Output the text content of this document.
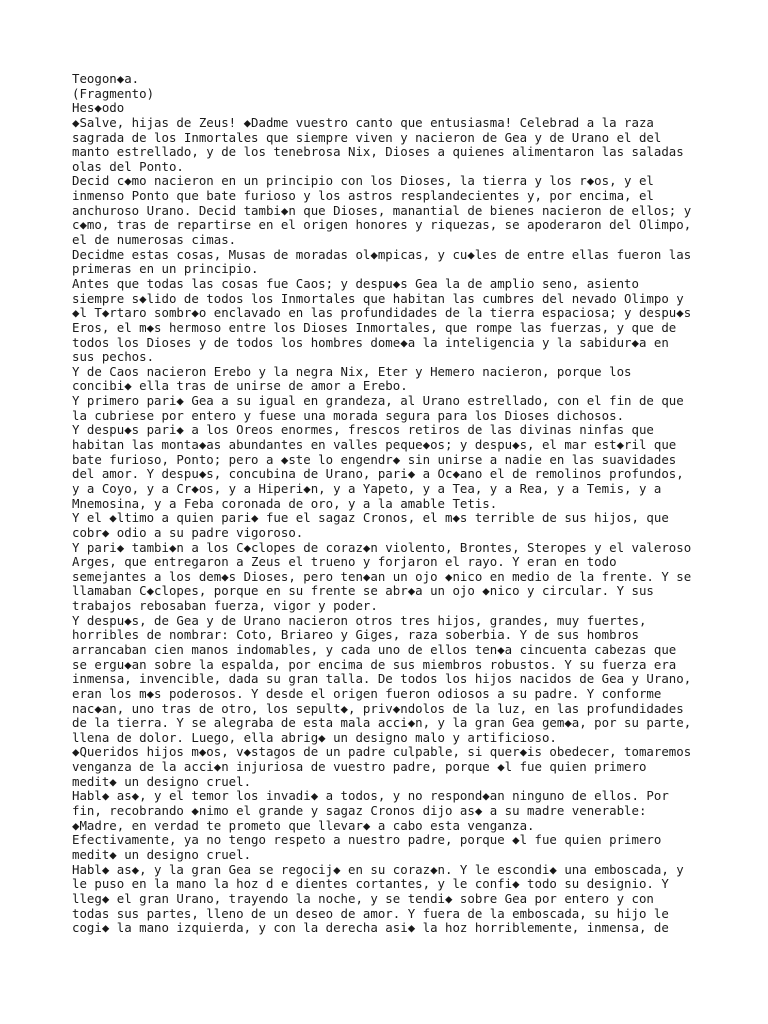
Teogon◆a.
(Fragmento)
Hes◆odo
◆Salve, hijas de Zeus! ◆Dadme vuestro canto que entusiasma! Celebrad a la raza
sagrada de los Inmortales que siempre viven y nacieron de Gea y de Urano el del
manto estrellado, y de los tenebrosa Nix, Dioses a quienes alimentaron las saladas
olas del Ponto.
Decid c◆mo nacieron en un principio con los Dioses, la tierra y los r◆os, y el
inmenso Ponto que bate furioso y los astros resplandecientes y, por encima, el
anchuroso Urano. Decid tambi◆n que Dioses, manantial de bienes nacieron de ellos; y
c◆mo, tras de repartirse en el origen honores y riquezas, se apoderaron del Olimpo,
el de numerosas cimas.
Decidme estas cosas, Musas de moradas ol◆mpicas, y cu◆les de entre ellas fueron las
primeras en un principio.
Antes que todas las cosas fue Caos; y despu◆s Gea la de amplio seno, asiento
siempre s◆lido de todos los Inmortales que habitan las cumbres del nevado Olimpo y
◆l T◆rtaro sombr◆o enclavado en las profundidades de la tierra espaciosa; y despu◆s
Eros, el m◆s hermoso entre los Dioses Inmortales, que rompe las fuerzas, y que de
todos los Dioses y de todos los hombres dome◆a la inteligencia y la sabidur◆a en
sus pechos.
Y de Caos nacieron Erebo y la negra Nix, Eter y Hemero nacieron, porque los
concibi◆ ella tras de unirse de amor a Erebo.
Y primero pari◆ Gea a su igual en grandeza, al Urano estrellado, con el fin de que
la cubriese por entero y fuese una morada segura para los Dioses dichosos.
Y despu◆s pari◆ a los Oreos enormes, frescos retiros de las divinas ninfas que
habitan las monta◆as abundantes en valles peque◆os; y despu◆s, el mar est◆ril que
bate furioso, Ponto; pero a ◆ste lo engendr◆ sin unirse a nadie en las suavidades
del amor. Y despu◆s, concubina de Urano, pari◆ a Oc◆ano el de remolinos profundos,
y a Coyo, y a Cr◆os, y a Hiperi◆n, y a Yapeto, y a Tea, y a Rea, y a Temis, y a
Mnemosina, y a Feba coronada de oro, y a la amable Tetis.
Y el ◆ltimo a quien pari◆ fue el sagaz Cronos, el m◆s terrible de sus hijos, que
cobr◆ odio a su padre vigoroso.
Y pari◆ tambi◆n a los C◆clopes de coraz◆n violento, Brontes, Steropes y el valeroso
Arges, que entregaron a Zeus el trueno y forjaron el rayo. Y eran en todo
semejantes a los dem◆s Dioses, pero ten◆an un ojo ◆nico en medio de la frente. Y se
llamaban C◆clopes, porque en su frente se abr◆a un ojo ◆nico y circular. Y sus
trabajos rebosaban fuerza, vigor y poder.
Y despu◆s, de Gea y de Urano nacieron otros tres hijos, grandes, muy fuertes,
horribles de nombrar: Coto, Briareo y Giges, raza soberbia. Y de sus hombros
arrancaban cien manos indomables, y cada uno de ellos ten◆a cincuenta cabezas que
se ergu◆an sobre la espalda, por encima de sus miembros robustos. Y su fuerza era
inmensa, invencible, dada su gran talla. De todos los hijos nacidos de Gea y Urano,
eran los m◆s poderosos. Y desde el origen fueron odiosos a su padre. Y conforme
nac◆an, uno tras de otro, los sepult◆, priv◆ndolos de la luz, en las profundidades
de la tierra. Y se alegraba de esta mala acci◆n, y la gran Gea gem◆a, por su parte,
llena de dolor. Luego, ella abrig◆ un designo malo y artificioso.
◆Queridos hijos m◆os, v◆stagos de un padre culpable, si quer◆is obedecer, tomaremos
venganza de la acci◆n injuriosa de vuestro padre, porque ◆l fue quien primero
medit◆ un designo cruel.
Habl◆ as◆, y el temor los invadi◆ a todos, y no respond◆an ninguno de ellos. Por
fin, recobrando ◆nimo el grande y sagaz Cronos dijo as◆ a su madre venerable:
◆Madre, en verdad te prometo que llevar◆ a cabo esta venganza.
Efectivamente, ya no tengo respeto a nuestro padre, porque ◆l fue quien primero
medit◆ un designo cruel.
Habl◆ as◆, y la gran Gea se regocij◆ en su coraz◆n. Y le escondi◆ una emboscada, y
le puso en la mano la hoz d e dientes cortantes, y le confi◆ todo su designio. Y
lleg◆ el gran Urano, trayendo la noche, y se tendi◆ sobre Gea por entero y con
todas sus partes, lleno de un deseo de amor. Y fuera de la emboscada, su hijo le
cogi◆ la mano izquierda, y con la derecha asi◆ la hoz horriblemente, inmensa, de
